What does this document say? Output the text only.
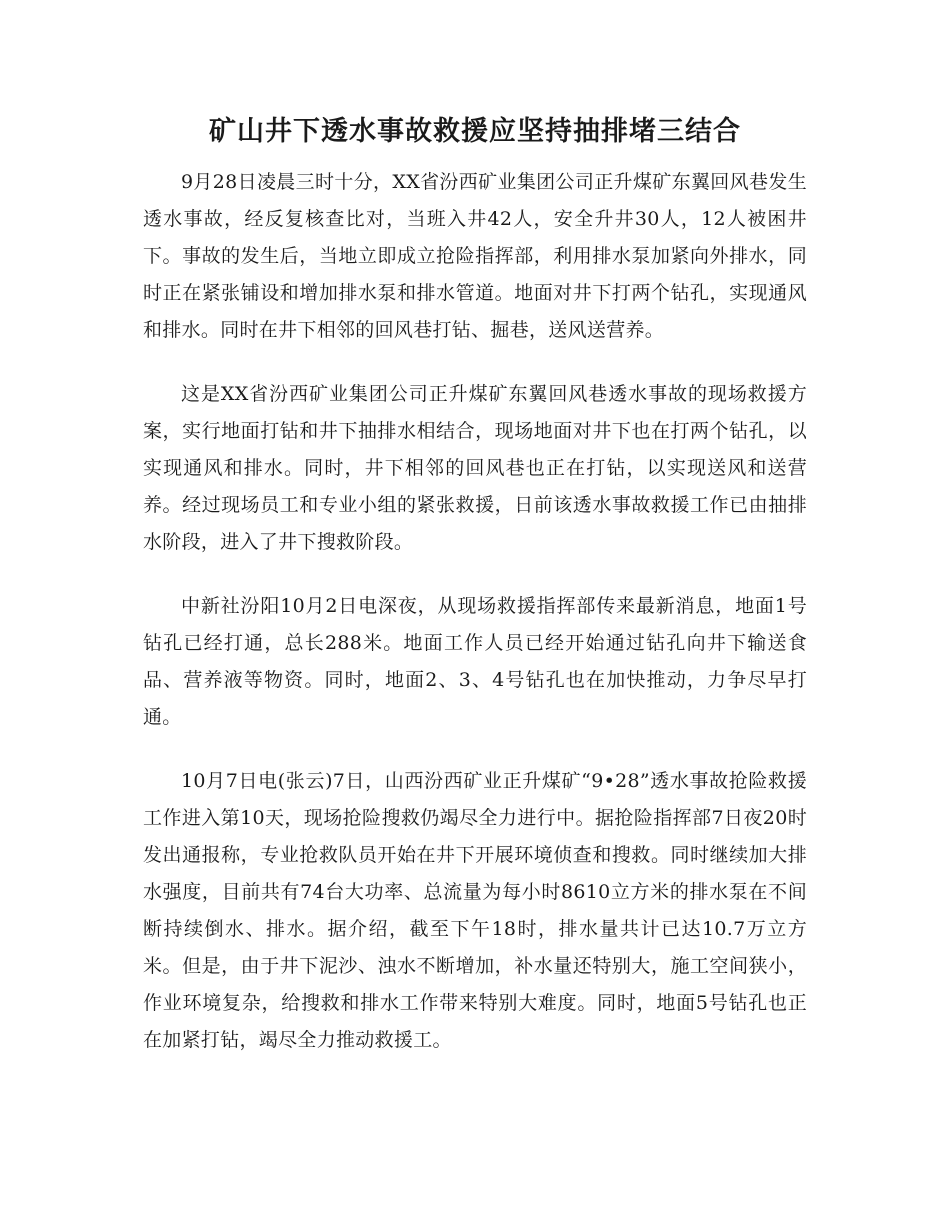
矿山井下透水事故救援应坚持抽排堵三结合

9月28日凌晨三时十分，XX省汾西矿业集团公司正升煤矿东翼回风巷发生透水事故，经反复核查比对，当班入井42人，安全升井30人，12人被困井下。事故的发生后，当地立即成立抢险指挥部，利用排水泵加紧向外排水，同时正在紧张铺设和增加排水泵和排水管道。地面对井下打两个钻孔，实现通风和排水。同时在井下相邻的回风巷打钻、掘巷，送风送营养。

这是XX省汾西矿业集团公司正升煤矿东翼回风巷透水事故的现场救援方案，实行地面打钻和井下抽排水相结合，现场地面对井下也在打两个钻孔，以实现通风和排水。同时，井下相邻的回风巷也正在打钻，以实现送风和送营养。经过现场员工和专业小组的紧张救援，日前该透水事故救援工作已由抽排水阶段，进入了井下搜救阶段。

中新社汾阳10月2日电深夜，从现场救援指挥部传来最新消息，地面1号钻孔已经打通，总长288米。地面工作人员已经开始通过钻孔向井下输送食品、营养液等物资。同时，地面2、3、4号钻孔也在加快推动，力争尽早打通。

10月7日电(张云)7日，山西汾西矿业正升煤矿“9•28”透水事故抢险救援工作进入第10天，现场抢险搜救仍竭尽全力进行中。据抢险指挥部7日夜20时发出通报称，专业抢救队员开始在井下开展环境侦查和搜救。同时继续加大排水强度，目前共有74台大功率、总流量为每小时8610立方米的排水泵在不间断持续倒水、排水。据介绍，截至下午18时，排水量共计已达10.7万立方米。但是，由于井下泥沙、浊水不断增加，补水量还特别大，施工空间狭小，作业环境复杂，给搜救和排水工作带来特别大难度。同时，地面5号钻孔也正在加紧打钻，竭尽全力推动救援工。
